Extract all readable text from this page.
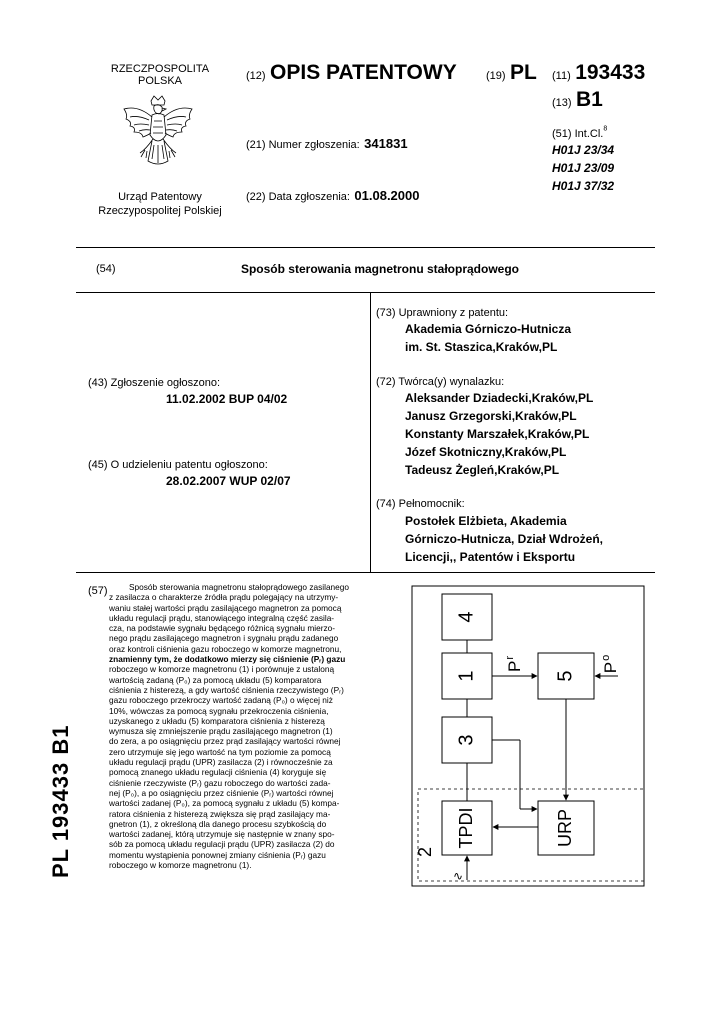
RZECZPOSPOLITA
POLSKA
Urząd Patentowy
Rzeczypospolitej Polskiej
(12) OPIS PATENTOWY	(19) PL (11) 193433
(13) B1
(21) Numer zgłoszenia: 341831
(22) Data zgłoszenia: 01.08.2000
(51) Int.Cl.$^8$
H01J 23/34
H01J 23/09
H01J 37/32
(54)	Sposób sterowania magnetronu stałoprądowego
(43) Zgłoszenie ogłoszono:
11.02.2002 BUP 04/02
(45) O udzieleniu patentu ogłoszono:
28.02.2007 WUP 02/07
(73) Uprawniony z patentu:
Akademia Górniczo-Hutnicza
im. St. Staszica,Kraków,PL
(72) Twórca(y) wynalazku:
Aleksander Dziadecki,Kraków,PL
Janusz Grzegorski,Kraków,PL
Konstanty Marszałek,Kraków,PL
Józef Skotniczny,Kraków,PL
Tadeusz Żegleń,Kraków,PL
(74) Pełnomocnik:
Postołek Elżbieta, Akademia
Górniczo-Hutnicza, Dział Wdrożeń,
Licencji,, Patentów i Eksportu
PL 193433 B1
(57)	Sposób sterowania magnetronu stałoprądowego zasilanego
z zasilacza o charakterze źródła prądu polegający na utrzymy-
waniu stałej wartości prądu zasilającego magnetron za pomocą
układu regulacji prądu, stanowiącego integralną część zasila-
cza, na podstawie sygnału będącego różnicą sygnału mierzo-
nego prądu zasilającego magnetron i sygnału prądu zadanego
oraz kontroli ciśnienia gazu roboczego w komorze magnetronu,
znamienny tym, że dodatkowo mierzy się ciśnienie (Pᵣ) gazu
roboczego w komorze magnetronu (1) i porównuje z ustaloną
wartością zadaną (P₀) za pomocą układu (5) komparatora
ciśnienia z histerezą, a gdy wartość ciśnienia rzeczywistego (Pᵣ)
gazu roboczego przekroczy wartość zadaną (P₀) o więcej niż
10%, wówczas za pomocą sygnału przekroczenia ciśnienia,
uzyskanego z układu (5) komparatora ciśnienia z histerezą
wymusza się zmniejszenie prądu zasilającego magnetron (1)
do zera, a po osiągnięciu przez prąd zasilający wartości równej
zero utrzymuje się jego wartość na tym poziomie za pomocą
układu regulacji prądu (UPR) zasilacza (2) i równocześnie za
pomocą znanego układu regulacji ciśnienia (4) koryguje się
ciśnienie rzeczywiste (Pᵣ) gazu roboczego do wartości zada-
nej (P₀), a po osiągnięciu przez ciśnienie (Pᵣ) wartości równej
wartości zadanej (P₀), za pomocą sygnału z układu (5) kompa-
ratora ciśnienia z histerezą zwiększa się prąd zasilający ma-
gnetron (1), z określoną dla danego procesu szybkością do
wartości zadanej, którą utrzymuje się następnie w znany spo-
sób za pomocą układu regulacji prądu (UPR) zasilacza (2) do
momentu wystąpienia ponownej zmiany ciśnienia (Pᵣ) gazu
roboczego w komorze magnetronu (1).
4
1	5
3
TPDI	URP
∿
$P^r$
$P^o$
2
